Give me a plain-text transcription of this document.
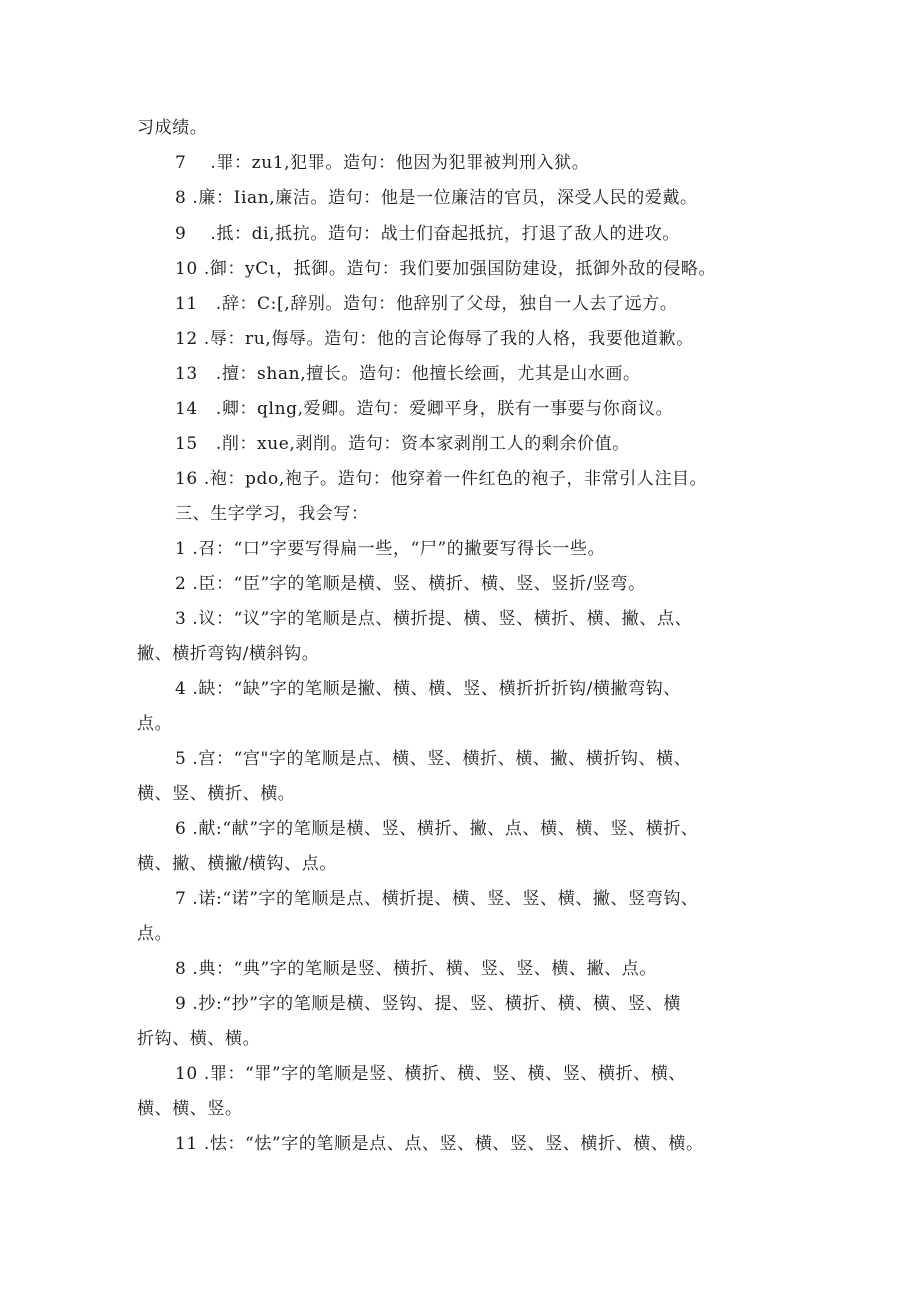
习成绩。
7    .罪：zu1,犯罪。造句：他因为犯罪被判刑入狱。
8 .廉：Iian,廉洁。造句：他是一位廉洁的官员，深受人民的爱戴。
9    .抵：di,抵抗。造句：战士们奋起抵抗，打退了敌人的进攻。
10 .御：yCι，抵御。造句：我们要加强国防建设，抵御外敌的侵略。
11   .辞：C:[,辞别。造句：他辞别了父母，独自一人去了远方。
12 .辱：ru,侮辱。造句：他的言论侮辱了我的人格，我要他道歉。
13   .擅：shan,擅长。造句：他擅长绘画，尤其是山水画。
14   .卿：qlng,爱卿。造句：爱卿平身，朕有一事要与你商议。
15   .削：xue,剥削。造句：资本家剥削工人的剩余价值。
16 .袍：pdo,袍子。造句：他穿着一件红色的袍子，非常引人注目。
三、生字学习，我会写：
1 .召：“口”字要写得扁一些，“尸”的撇要写得长一些。
2 .臣：“臣”字的笔顺是横、竖、横折、横、竖、竖折/竖弯。
3 .议：“议”字的笔顺是点、横折提、横、竖、横折、横、撇、点、
撇、横折弯钩/横斜钩。
4 .缺：“缺”字的笔顺是撇、横、横、竖、横折折折钩/横撇弯钩、
点。
5 .宫：“宫"字的笔顺是点、横、竖、横折、横、撇、横折钩、横、
横、竖、横折、横。
6 .献:“献”字的笔顺是横、竖、横折、撇、点、横、横、竖、横折、
横、撇、横撇/横钩、点。
7 .诺:“诺”字的笔顺是点、横折提、横、竖、竖、横、撇、竖弯钩、
点。
8 .典：“典”字的笔顺是竖、横折、横、竖、竖、横、撇、点。
9 .抄:“抄”字的笔顺是横、竖钩、提、竖、横折、横、横、竖、横
折钩、横、横。
10 .罪：“罪”字的笔顺是竖、横折、横、竖、横、竖、横折、横、
横、横、竖。
11 .怯：“怯”字的笔顺是点、点、竖、横、竖、竖、横折、横、横。
